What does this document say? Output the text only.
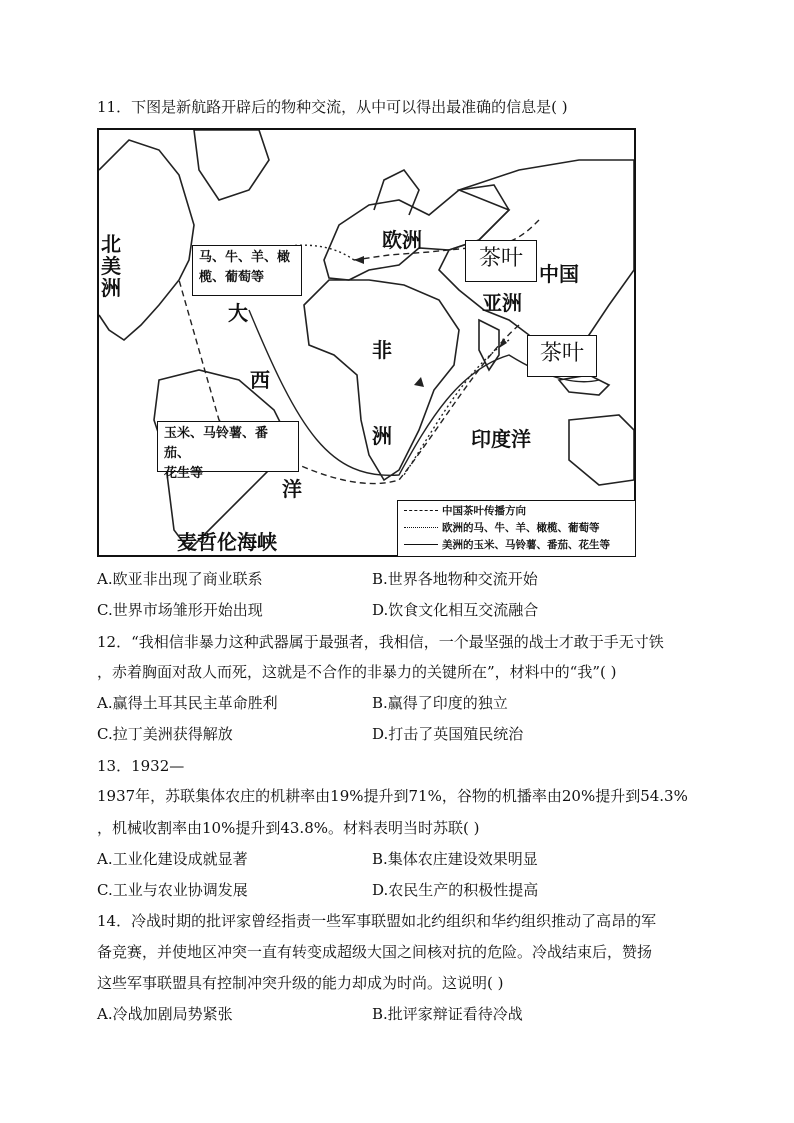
11．下图是新航路开辟后的物种交流，从中可以得出最准确的信息是( )
北
美
洲
欧洲
中国
亚洲
大
西
洋
非
洲	印度洋
麦哲伦海峡
马、牛、羊、橄
榄、葡萄等
玉米、马铃薯、番茄、
花生等
茶叶
茶叶
中国茶叶传播方向
欧洲的马、牛、羊、橄榄、葡萄等
美洲的玉米、马铃薯、番茄、花生等
A.欧亚非出现了商业联系	B.世界各地物种交流开始
C.世界市场雏形开始出现	D.饮食文化相互交流融合
12．“我相信非暴力这种武器属于最强者，我相信，一个最坚强的战士才敢于手无寸铁
，赤着胸面对敌人而死，这就是不合作的非暴力的关键所在”，材料中的“我”( )
A.赢得土耳其民主革命胜利	B.赢得了印度的独立
C.拉丁美洲获得解放	D.打击了英国殖民统治
13．1932—
1937年，苏联集体农庄的机耕率由19%提升到71%，谷物的机播率由20%提升到54.3%
，机械收割率由10%提升到43.8%。材料表明当时苏联( )
A.工业化建设成就显著	B.集体农庄建设效果明显
C.工业与农业协调发展	D.农民生产的积极性提高
14．冷战时期的批评家曾经指责一些军事联盟如北约组织和华约组织推动了高昂的军
备竞赛，并使地区冲突一直有转变成超级大国之间核对抗的危险。冷战结束后，赞扬
这些军事联盟具有控制冲突升级的能力却成为时尚。这说明( )
A.冷战加剧局势紧张	B.批评家辩证看待冷战
